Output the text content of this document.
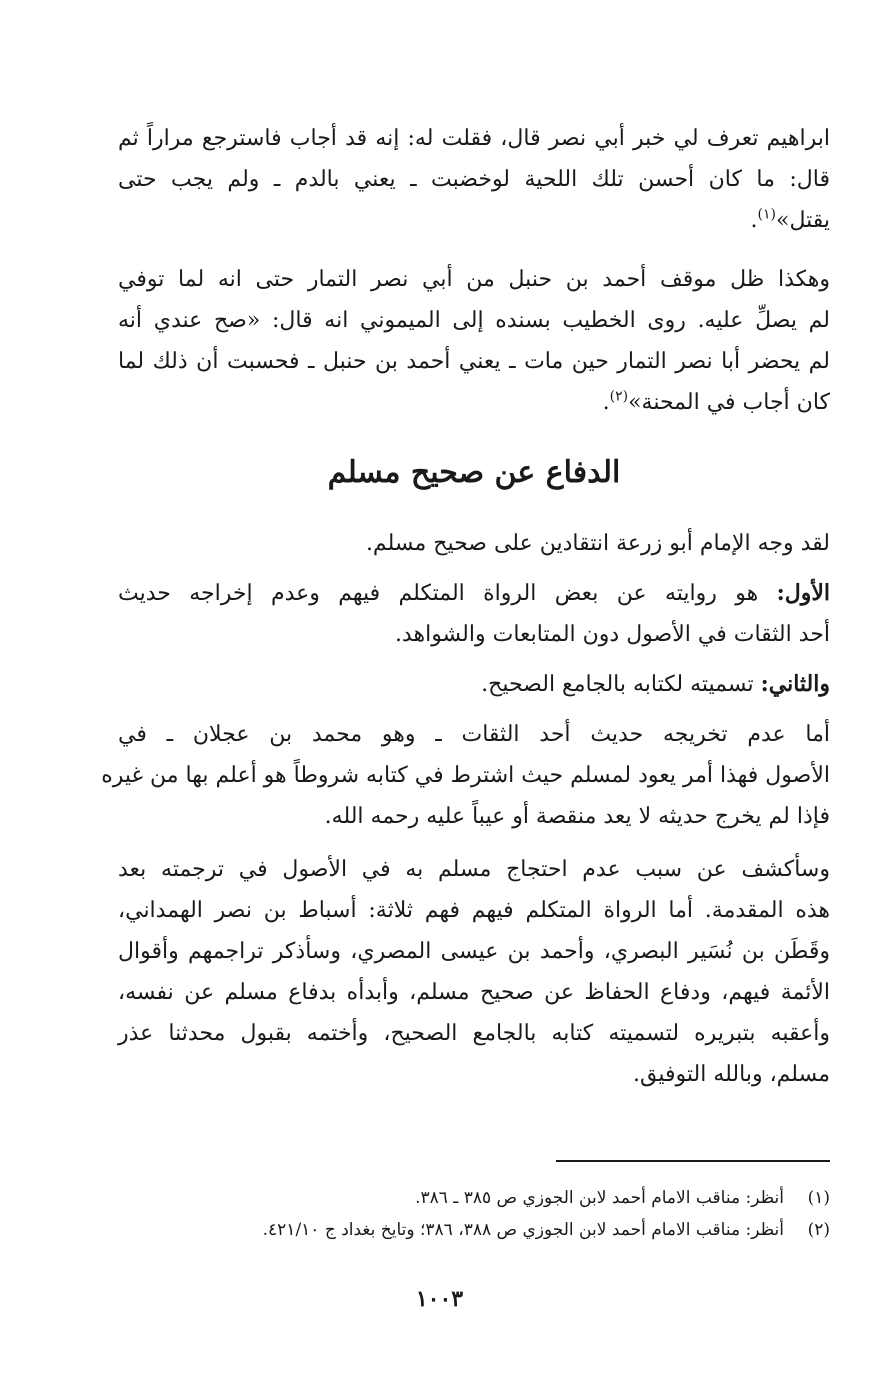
ابراهيم تعرف لي خبر أبي نصر قال، فقلت له: إنه قد أجاب فاسترجع مراراً ثم
قال: ما كان أحسن تلك اللحية لوخضبت ـ يعني بالدم ـ ولم يجب حتى
يقتل»$^{(١)}$.

وهكذا ظل موقف أحمد بن حنبل من أبي نصر التمار حتى انه لما توفي
لم يصلِّ عليه. روى الخطيب بسنده إلى الميموني انه قال: «صح عندي أنه
لم يحضر أبا نصر التمار حين مات ـ يعني أحمد بن حنبل ـ فحسبت أن ذلك لما
كان أجاب في المحنة»$^{(٢)}$.

الدفاع عن صحيح مسلم

لقد وجه الإمام أبو زرعة انتقادين على صحيح مسلم.

الأول: هو روايته عن بعض الرواة المتكلم فيهم وعدم إخراجه حديث
أحد الثقات في الأصول دون المتابعات والشواهد.

والثاني: تسميته لكتابه بالجامع الصحيح.

أما عدم تخريجه حديث أحد الثقات ـ وهو محمد بن عجلان ـ في
الأصول فهذا أمر يعود لمسلم حيث اشترط في كتابه شروطاً هو أعلم بها من غيره
فإذا لم يخرج حديثه لا يعد منقصة أو عيباً عليه رحمه الله.

وسأكشف عن سبب عدم احتجاج مسلم به في الأصول في ترجمته بعد
هذه المقدمة. أما الرواة المتكلم فيهم فهم ثلاثة: أسباط بن نصر الهمداني،
وقَطَن بن نُسَير البصري، وأحمد بن عيسى المصري، وسأذكر تراجمهم وأقوال
الأئمة فيهم، ودفاع الحفاظ عن صحيح مسلم، وأبدأه بدفاع مسلم عن نفسه،
وأعقبه بتبريره لتسميته كتابه بالجامع الصحيح، وأختمه بقبول محدثنا عذر
مسلم، وبالله التوفيق.

(١)
أنظر: مناقب الامام أحمد لابن الجوزي ص ٣٨٥ ـ ٣٨٦.
(٢)
أنظر: مناقب الامام أحمد لابن الجوزي ص ٣٨٨، ٣٨٦؛ وتايخ بغداد ج ٤٢١/١٠.
١٠٠٣
